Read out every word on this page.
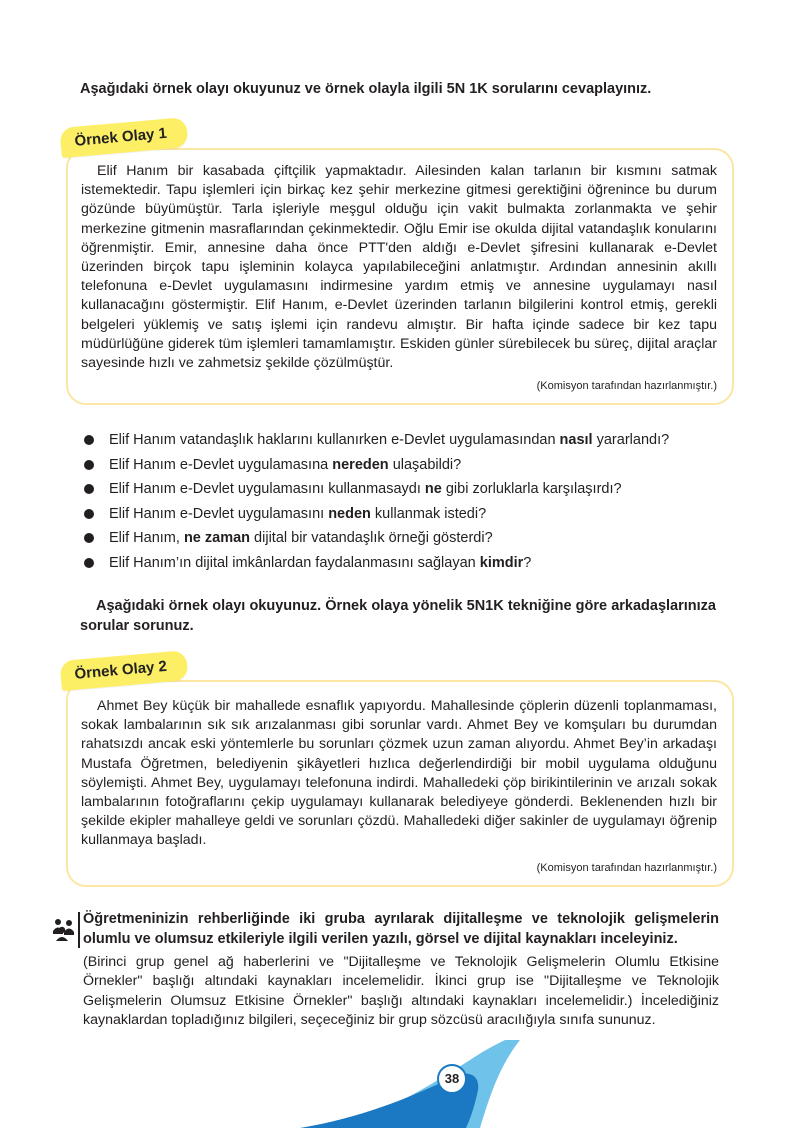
Aşağıdaki örnek olayı okuyunuz ve örnek olayla ilgili 5N 1K sorularını cevaplayınız.
Örnek Olay 1

Elif Hanım bir kasabada çiftçilik yapmaktadır. Ailesinden kalan tarlanın bir kısmını satmak istemektedir. Tapu işlemleri için birkaç kez şehir merkezine gitmesi gerektiğini öğrenince bu durum gözünde büyümüştür. Tarla işleriyle meşgul olduğu için vakit bulmakta zorlanmakta ve şehir merkezine gitmenin masraflarından çekinmektedir. Oğlu Emir ise okulda dijital vatandaşlık konularını öğrenmiştir. Emir, annesine daha önce PTT'den aldığı e-Devlet şifresini kullanarak e-Devlet üzerinden birçok tapu işleminin kolayca yapılabileceğini anlatmıştır. Ardından annesinin akıllı telefonuna e-Devlet uygulamasını indirmesine yardım etmiş ve annesine uygulamayı nasıl kullanacağını göstermiştir. Elif Hanım, e-Devlet üzerinden tarlanın bilgilerini kontrol etmiş, gerekli belgeleri yüklemiş ve satış işlemi için randevu almıştır. Bir hafta içinde sadece bir kez tapu müdürlüğüne giderek tüm işlemleri tamamlamıştır. Eskiden günler sürebilecek bu süreç, dijital araçlar sayesinde hızlı ve zahmetsiz şekilde çözülmüştür.

(Komisyon tarafından hazırlanmıştır.)
Elif Hanım vatandaşlık haklarını kullanırken e-Devlet uygulamasından nasıl yararlandı?
Elif Hanım e-Devlet uygulamasına nereden ulaşabildi?
Elif Hanım e-Devlet uygulamasını kullanmasaydı ne gibi zorluklarla karşılaşırdı?
Elif Hanım e-Devlet uygulamasını neden kullanmak istedi?
Elif Hanım, ne zaman dijital bir vatandaşlık örneği gösterdi?
Elif Hanım’ın dijital imkânlardan faydalanmasını sağlayan kimdir?

Aşağıdaki örnek olayı okuyunuz. Örnek olaya yönelik 5N1K tekniğine göre arkadaşlarınıza sorular sorunuz.

Örnek Olay 2

Ahmet Bey küçük bir mahallede esnaflık yapıyordu. Mahallesinde çöplerin düzenli toplanmaması, sokak lambalarının sık sık arızalanması gibi sorunlar vardı. Ahmet Bey ve komşuları bu durumdan rahatsızdı ancak eski yöntemlerle bu sorunları çözmek uzun zaman alıyordu. Ahmet Bey’in arkadaşı Mustafa Öğretmen, belediyenin şikâyetleri hızlıca değerlendirdiği bir mobil uygulama olduğunu söylemişti. Ahmet Bey, uygulamayı telefonuna indirdi. Mahalledeki çöp birikintilerinin ve arızalı sokak lambalarının fotoğraflarını çekip uygulamayı kullanarak belediyeye gönderdi. Beklenenden hızlı bir şekilde ekipler mahalleye geldi ve sorunları çözdü. Mahalledeki diğer sakinler de uygulamayı öğrenip kullanmaya başladı.

(Komisyon tarafından hazırlanmıştır.)

Öğretmeninizin rehberliğinde iki gruba ayrılarak dijitalleşme ve teknolojik gelişmelerin olumlu ve olumsuz etkileriyle ilgili verilen yazılı, görsel ve dijital kaynakları inceleyiniz.

(Birinci grup genel ağ haberlerini ve "Dijitalleşme ve Teknolojik Gelişmelerin Olumlu Etkisine Örnekler" başlığı altındaki kaynakları incelemelidir. İkinci grup ise "Dijitalleşme ve Teknolojik Gelişmelerin Olumsuz Etkisine Örnekler" başlığı altındaki kaynakları incelemelidir.) İncelediğiniz kaynaklardan topladığınız bilgileri, seçeceğiniz bir grup sözcüsü aracılığıyla sınıfa sununuz.

38
